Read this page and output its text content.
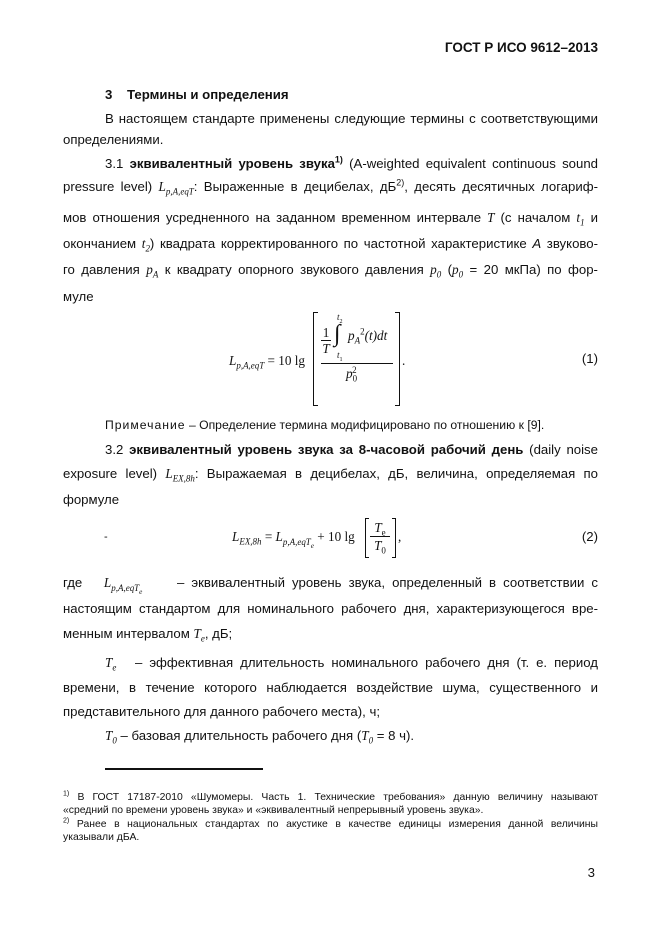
ГОСТ Р ИСО 9612–2013
3 Термины и определения
В настоящем стандарте применены следующие термины с соответствующими
определениями.
3.1 эквивалентный уровень звука$^{1)}$ (A-weighted equivalent continuous sound
pressure level) $L_{p,A,eqT}$: Выраженные в децибелах, $дБ^{2)}$, десять десятичных логариф-
мов отношения усредненного на заданном временном интервале T (с началом $t_1$ и
окончанием $t_2$) квадрата корректированного по частотной характеристике A звуково-
го давления $p_A$ к квадрату опорного звукового давления $p_0$ ($p_0 = 20$ мкПа) по фор-
муле
$L_{p,A,eqT} = 10$ lg
1
T
$t_2$
∫
$t_1$
$p_A^2(t)dt$
$p_0^2$
.	(1)
Примечание – Определение термина модифицировано по отношению к [9].
3.2 эквивалентный уровень звука за 8-часовой рабочий день (daily noise
exposure level) $L_{EX,8h}$: Выражаемая в децибелах, дБ, величина, определяемая по
формуле
-	$L_{EX,8h} = L_{p,A,eqT_e} + 10$ lg
$T_e$
$T_0$
,	(2)
где $L_{p,A,eqT_e}$
– эквивалентный уровень звука, определенный в соответствии с
настоящим стандартом для номинального рабочего дня, характеризующегося вре-
менным интервалом $T_e$, дБ;
$T_e$ – эффективная длительность номинального рабочего дня (т. е. период
времени, в течение которого наблюдается воздействие шума, существенного и
представительного для данного рабочего места), ч;
$T_0$ – базовая длительность рабочего дня ($T_0 = 8$ ч).
$^{1)}$ В ГОСТ 17187-2010 «Шумомеры. Часть 1. Технические требования» данную величину называют
«средний по времени уровень звука» и «эквивалентный непрерывный уровень звука».
$^{2)}$ Ранее в национальных стандартах по акустике в качестве единицы измерения данной величины
указывали дБА.
3
